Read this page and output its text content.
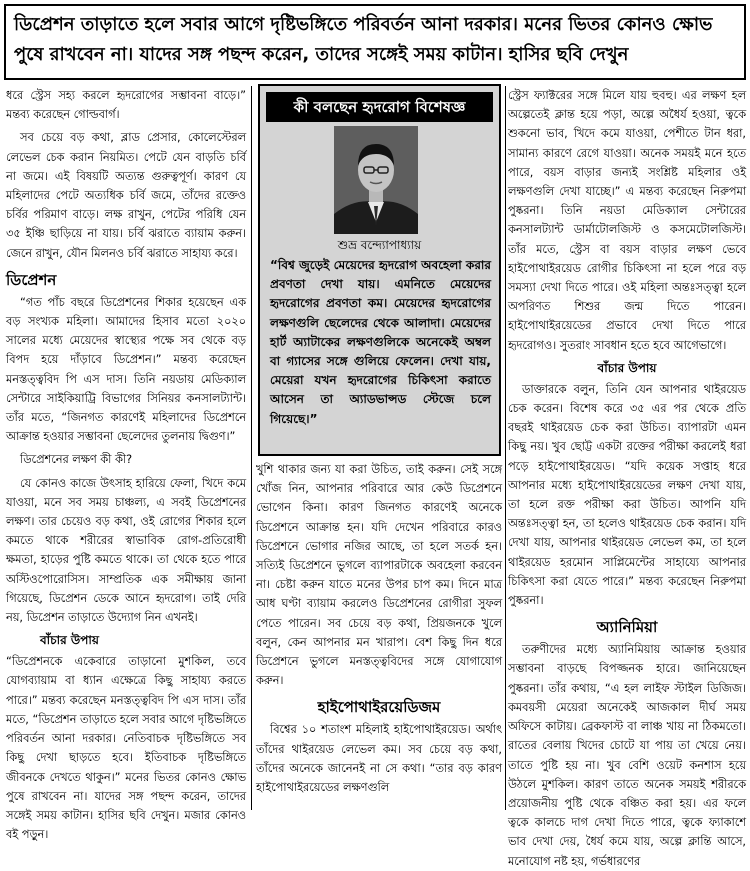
ডিপ্রেশন তাড়াতে হলে সবার আগে দৃষ্টিভঙ্গিতে পরিবর্তন আনা দরকার। মনের ভিতর কোনও ক্ষোভ পুষে রাখবেন না। যাদের সঙ্গ পছন্দ করেন, তাদের সঙ্গেই সময় কাটান। হাসির ছবি দেখুন

ধরে স্ট্রেস সহ্য করলে হৃদরোগের সম্ভাবনা বাড়ে।” মন্তব্য করেছেন গোল্ডবার্গ।

সব চেয়ে বড় কথা, ব্লাড প্রেসার, কোলেস্টেরল লেভেল চেক করান নিয়মিত। পেটে যেন বাড়তি চর্বি না জমে। এই বিষয়টি অত্যন্ত গুরুত্বপূর্ণ। কারণ যে মহিলাদের পেটে অত্যধিক চর্বি জমে, তাঁদের রক্তেও চর্বির পরিমাণ বাড়ে। লক্ষ রাখুন, পেটের পরিধি যেন ৩৫ ইঞ্চি ছাড়িয়ে না যায়। চর্বি ঝরাতে ব্যায়াম করুন। জেনে রাখুন, যৌন মিলনও চর্বি ঝরাতে সাহায্য করে।

ডিপ্রেশন

“গত পাঁচ বছরে ডিপ্রেশনের শিকার হয়েছেন এক বড় সংখ্যক মহিলা। আমাদের হিসাব মতো ২০২০ সালের মধ্যে মেয়েদের স্বাস্থ্যের পক্ষে সব থেকে বড় বিপদ হয়ে দাঁড়াবে ডিপ্রেশন।” মন্তব্য করেছেন মনস্তত্ত্ববিদ পি এস দাস। তিনি নয়ডায় মেডিক্যাল সেন্টারে সাইকিয়াট্রি বিভাগের সিনিয়র কনসালট্যান্ট। তাঁর মতে, “জিনগত কারণেই মহিলাদের ডিপ্রেশনে আক্রান্ত হওয়ার সম্ভাবনা ছেলেদের তুলনায় দ্বিগুণ।”

ডিপ্রেশনের লক্ষণ কী কী?

যে কোনও কাজে উৎসাহ হারিয়ে ফেলা, খিদে কমে যাওয়া, মনে সব সময় চাঞ্চল্য, এ সবই ডিপ্রেশনের লক্ষণ। তার চেয়েও বড় কথা, ওই রোগের শিকার হলে কমতে থাকে শরীরের স্বাভাবিক রোগ-প্রতিরোধী ক্ষমতা, হাড়ের পুষ্টি কমতে থাকে। তা থেকে হতে পারে অস্টিওপোরোসিস। সাম্প্রতিক এক সমীক্ষায় জানা গিয়েছে, ডিপ্রেশন ডেকে আনে হৃদরোগ। তাই দেরি নয়, ডিপ্রেশন তাড়াতে উদ্যোগ নিন এখনই।

বাঁচার উপায়

“ডিপ্রেশনকে একেবারে তাড়ানো মুশকিল, তবে যোগব্যায়াম বা ধ্যান এক্ষেত্রে কিছু সাহায্য করতে পারে।” মন্তব্য করেছেন মনস্তত্ত্ববিদ পি এস দাস। তাঁর মতে, “ডিপ্রেশন তাড়াতে হলে সবার আগে দৃষ্টিভঙ্গিতে পরিবর্তন আনা দরকার। নেতিবাচক দৃষ্টিভঙ্গিতে সব কিছু দেখা ছাড়তে হবে। ইতিবাচক দৃষ্টিভঙ্গিতে জীবনকে দেখতে থাকুন।” মনের ভিতর কোনও ক্ষোভ পুষে রাখবেন না। যাদের সঙ্গ পছন্দ করেন, তাদের সঙ্গেই সময় কাটান। হাসির ছবি দেখুন। মজার কোনও বই পড়ুন।

কী বলছেন হৃদরোগ বিশেষজ্ঞ
শুভ্র বন্দ্যোপাধ্যায়
“বিশ্ব জুড়েই মেয়েদের হৃদরোগ অবহেলা করার প্রবণতা দেখা যায়। এমনিতে মেয়েদের হৃদরোগের প্রবণতা কম। মেয়েদের হৃদরোগের লক্ষণগুলি ছেলেদের থেকে আলাদা। মেয়েদের হার্ট অ্যাটাকের লক্ষণগুলিকে অনেকেই অম্বল বা গ্যাসের সঙ্গে গুলিয়ে ফেলেন। দেখা যায়, মেয়েরা যখন হৃদরোগের চিকিৎসা করাতে আসেন তা অ্যাডভান্সড স্টেজে চলে গিয়েছে।”

খুশি থাকার জন্য যা করা উচিত, তাই করুন। সেই সঙ্গে খোঁজ নিন, আপনার পরিবারে আর কেউ ডিপ্রেশনে ভোগেন কিনা। কারণ জিনগত কারণেই অনেকে ডিপ্রেশনে আক্রান্ত হন। যদি দেখেন পরিবারে কারও ডিপ্রেশনে ভোগার নজির আছে, তা হলে সতর্ক হন। সত্যিই ডিপ্রেশনে ভুগলে ব্যাপারটাকে অবহেলা করবেন না। চেষ্টা করুন যাতে মনের উপর চাপ কম। দিনে মাত্র আধ ঘণ্টা ব্যায়াম করলেও ডিপ্রেশনের রোগীরা সুফল পেতে পারেন। সব চেয়ে বড় কথা, প্রিয়জনকে খুলে বলুন, কেন আপনার মন খারাপ। বেশ কিছু দিন ধরে ডিপ্রেশনে ভুগলে মনস্তত্ত্ববিদের সঙ্গে যোগাযোগ করুন।

হাইপোথাইরয়েডিজম

বিশ্বের ১০ শতাংশ মহিলাই হাইপোথাইরয়েড। অর্থাৎ তাঁদের থাইরয়েড লেভেল কম। সব চেয়ে বড় কথা, তাঁদের অনেকে জানেনই না সে কথা। “তার বড় কারণ হাইপোথাইরয়েডের লক্ষণগুলি

স্ট্রেস ফ্যাক্টরের সঙ্গে মিলে যায় হুবহু। এর লক্ষণ হল অল্পেতেই ক্লান্ত হয়ে পড়া, অল্পে অধৈর্য হওয়া, ত্বকে শুকনো ভাব, খিদে কমে যাওয়া, পেশীতে টান ধরা, সামান্য কারণে রেগে যাওয়া। অনেক সময়ই মনে হতে পারে, বয়স বাড়ার জন্যই সংশ্লিষ্ট মহিলার ওই লক্ষণগুলি দেখা যাচ্ছে।” এ মন্তব্য করেছেন নিরুপমা পুষ্করনা। তিনি নয়ডা মেডিক্যাল সেন্টারের কনসালট্যান্ট ডার্মাটোলজিস্ট ও কসমেটোলজিস্ট। তাঁর মতে, স্ট্রেস বা বয়স বাড়ার লক্ষণ ভেবে হাইপোথাইরয়েড রোগীর চিকিৎসা না হলে পরে বড় সমস্যা দেখা দিতে পারে। ওই মহিলা অন্তঃসত্ত্বা হলে অপরিণত শিশুর জন্ম দিতে পারেন। হাইপোথাইরয়েডের প্রভাবে দেখা দিতে পারে হৃদরোগও। সুতরাং সাবধান হতে হবে আগেভাগে।

বাঁচার উপায়

ডাক্তারকে বলুন, তিনি যেন আপনার থাইরয়েড চেক করেন। বিশেষ করে ৩৫ এর পর থেকে প্রতি বছরই থাইরয়েড চেক করা উচিত। ব্যাপারটা এমন কিছু নয়। খুব ছোট্ট একটা রক্তের পরীক্ষা করলেই ধরা পড়ে হাইপোথাইরয়েড। “যদি কয়েক সপ্তাহ ধরে আপনার মধ্যে হাইপোথাইরয়েডের লক্ষণ দেখা যায়, তা হলে রক্ত পরীক্ষা করা উচিত। আপনি যদি অন্তঃসত্ত্বা হন, তা হলেও থাইরয়েড চেক করান। যদি দেখা যায়, আপনার থাইরয়েড লেভেল কম, তা হলে থাইরয়েড হরমোন সাপ্লিমেন্টের সাহায্যে আপনার চিকিৎসা করা যেতে পারে।” মন্তব্য করেছেন নিরুপমা পুষ্করনা।

অ্যানিমিয়া

তরুণীদের মধ্যে অ্যানিমিয়ায় আক্রান্ত হওয়ার সম্ভাবনা বাড়ছে বিপজ্জনক হারে। জানিয়েছেন পুষ্করনা। তাঁর কথায়, “এ হল লাইফ স্টাইল ডিজিজ। কমবয়সী মেয়েরা অনেকেই আজকাল দীর্ঘ সময় অফিসে কাটায়। ব্রেকফাস্ট বা লাঞ্চ খায় না ঠিকমতো। রাতের বেলায় খিদের চোটে যা পায় তা খেয়ে নেয়। তাতে পুষ্টি হয় না। খুব বেশি ওয়েট কনশাস হয়ে উঠলে মুশকিল। কারণ তাতে অনেক সময়ই শরীরকে প্রয়োজনীয় পুষ্টি থেকে বঞ্চিত করা হয়। এর ফলে ত্বকে কালচে দাগ দেখা দিতে পারে, ত্বকে ফ্যাকাশে ভাব দেখা দেয়, ধৈর্য কমে যায়, অল্পে ক্লান্তি আসে, মনোযোগ নষ্ট হয়, গর্ভধারণের
